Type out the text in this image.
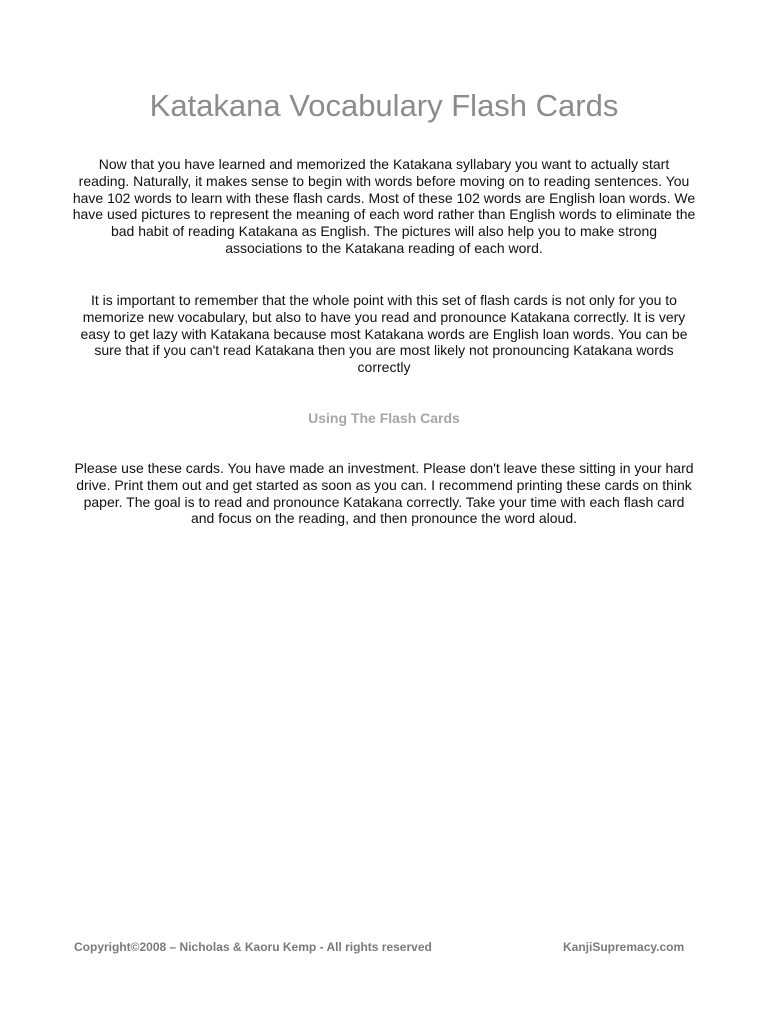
Katakana Vocabulary Flash Cards

Now that you have learned and memorized the Katakana syllabary you want to actually start reading. Naturally, it makes sense to begin with words before moving on to reading sentences. You have 102 words to learn with these flash cards. Most of these 102 words are English loan words. We have used pictures to represent the meaning of each word rather than English words to eliminate the bad habit of reading Katakana as English. The pictures will also help you to make strong associations to the Katakana reading of each word.

It is important to remember that the whole point with this set of flash cards is not only for you to memorize new vocabulary, but also to have you read and pronounce Katakana correctly. It is very easy to get lazy with Katakana because most Katakana words are English loan words. You can be sure that if you can't read Katakana then you are most likely not pronouncing Katakana words correctly

Using The Flash Cards

Please use these cards. You have made an investment. Please don't leave these sitting in your hard drive. Print them out and get started as soon as you can. I recommend printing these cards on think paper. The goal is to read and pronounce Katakana correctly. Take your time with each flash card and focus on the reading, and then pronounce the word aloud.

Copyright©2008 – Nicholas & Kaoru Kemp - All rights reserved	KanjiSupremacy.com
